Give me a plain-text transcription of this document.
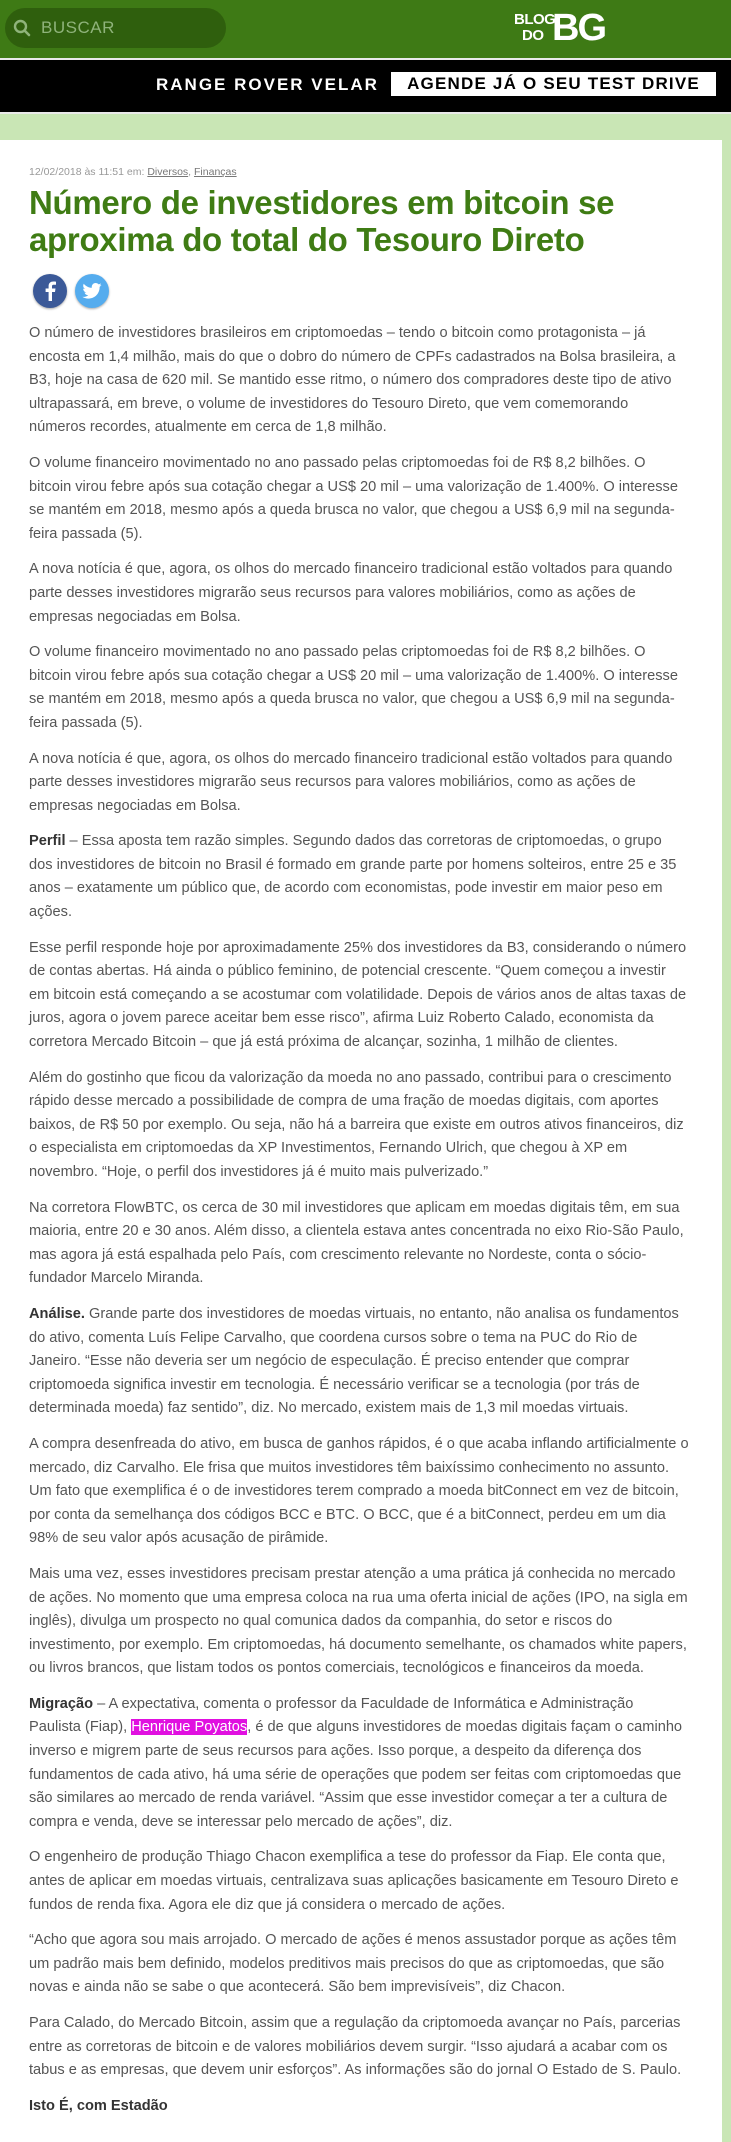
BUSCAR
BLOG
DO BG
RANGE ROVER VELAR	AGENDE JÁ O SEU TEST DRIVE
12/02/2018 às 11:51 em: Diversos, Finanças
Número de investidores em bitcoin se aproxima do total do Tesouro Direto

O número de investidores brasileiros em criptomoedas – tendo o bitcoin como protagonista – já encosta em 1,4 milhão, mais do que o dobro do número de CPFs cadastrados na Bolsa brasileira, a B3, hoje na casa de 620 mil. Se mantido esse ritmo, o número dos compradores deste tipo de ativo ultrapassará, em breve, o volume de investidores do Tesouro Direto, que vem comemorando números recordes, atualmente em cerca de 1,8 milhão.

O volume financeiro movimentado no ano passado pelas criptomoedas foi de R$ 8,2 bilhões. O bitcoin virou febre após sua cotação chegar a US$ 20 mil – uma valorização de 1.400%. O interesse se mantém em 2018, mesmo após a queda brusca no valor, que chegou a US$ 6,9 mil na segunda-feira passada (5).

A nova notícia é que, agora, os olhos do mercado financeiro tradicional estão voltados para quando parte desses investidores migrarão seus recursos para valores mobiliários, como as ações de empresas negociadas em Bolsa.

O volume financeiro movimentado no ano passado pelas criptomoedas foi de R$ 8,2 bilhões. O bitcoin virou febre após sua cotação chegar a US$ 20 mil – uma valorização de 1.400%. O interesse se mantém em 2018, mesmo após a queda brusca no valor, que chegou a US$ 6,9 mil na segunda-feira passada (5).

A nova notícia é que, agora, os olhos do mercado financeiro tradicional estão voltados para quando parte desses investidores migrarão seus recursos para valores mobiliários, como as ações de empresas negociadas em Bolsa.

Perfil – Essa aposta tem razão simples. Segundo dados das corretoras de criptomoedas, o grupo dos investidores de bitcoin no Brasil é formado em grande parte por homens solteiros, entre 25 e 35 anos – exatamente um público que, de acordo com economistas, pode investir em maior peso em ações.

Esse perfil responde hoje por aproximadamente 25% dos investidores da B3, considerando o número de contas abertas. Há ainda o público feminino, de potencial crescente. “Quem começou a investir em bitcoin está começando a se acostumar com volatilidade. Depois de vários anos de altas taxas de juros, agora o jovem parece aceitar bem esse risco”, afirma Luiz Roberto Calado, economista da corretora Mercado Bitcoin – que já está próxima de alcançar, sozinha, 1 milhão de clientes.

Além do gostinho que ficou da valorização da moeda no ano passado, contribui para o crescimento rápido desse mercado a possibilidade de compra de uma fração de moedas digitais, com aportes baixos, de R$ 50 por exemplo. Ou seja, não há a barreira que existe em outros ativos financeiros, diz o especialista em criptomoedas da XP Investimentos, Fernando Ulrich, que chegou à XP em novembro. “Hoje, o perfil dos investidores já é muito mais pulverizado.”

Na corretora FlowBTC, os cerca de 30 mil investidores que aplicam em moedas digitais têm, em sua maioria, entre 20 e 30 anos. Além disso, a clientela estava antes concentrada no eixo Rio-São Paulo, mas agora já está espalhada pelo País, com crescimento relevante no Nordeste, conta o sócio-fundador Marcelo Miranda.

Análise. Grande parte dos investidores de moedas virtuais, no entanto, não analisa os fundamentos do ativo, comenta Luís Felipe Carvalho, que coordena cursos sobre o tema na PUC do Rio de Janeiro. “Esse não deveria ser um negócio de especulação. É preciso entender que comprar criptomoeda significa investir em tecnologia. É necessário verificar se a tecnologia (por trás de determinada moeda) faz sentido”, diz. No mercado, existem mais de 1,3 mil moedas virtuais.

A compra desenfreada do ativo, em busca de ganhos rápidos, é o que acaba inflando artificialmente o mercado, diz Carvalho. Ele frisa que muitos investidores têm baixíssimo conhecimento no assunto. Um fato que exemplifica é o de investidores terem comprado a moeda bitConnect em vez de bitcoin, por conta da semelhança dos códigos BCC e BTC. O BCC, que é a bitConnect, perdeu em um dia 98% de seu valor após acusação de pirâmide.

Mais uma vez, esses investidores precisam prestar atenção a uma prática já conhecida no mercado de ações. No momento que uma empresa coloca na rua uma oferta inicial de ações (IPO, na sigla em inglês), divulga um prospecto no qual comunica dados da companhia, do setor e riscos do investimento, por exemplo. Em criptomoedas, há documento semelhante, os chamados white papers, ou livros brancos, que listam todos os pontos comerciais, tecnológicos e financeiros da moeda.

Migração – A expectativa, comenta o professor da Faculdade de Informática e Administração Paulista (Fiap), Henrique Poyatos, é de que alguns investidores de moedas digitais façam o caminho inverso e migrem parte de seus recursos para ações. Isso porque, a despeito da diferença dos fundamentos de cada ativo, há uma série de operações que podem ser feitas com criptomoedas que são similares ao mercado de renda variável. “Assim que esse investidor começar a ter a cultura de compra e venda, deve se interessar pelo mercado de ações”, diz.

O engenheiro de produção Thiago Chacon exemplifica a tese do professor da Fiap. Ele conta que, antes de aplicar em moedas virtuais, centralizava suas aplicações basicamente em Tesouro Direto e fundos de renda fixa. Agora ele diz que já considera o mercado de ações.

“Acho que agora sou mais arrojado. O mercado de ações é menos assustador porque as ações têm um padrão mais bem definido, modelos preditivos mais precisos do que as criptomoedas, que são novas e ainda não se sabe o que acontecerá. São bem imprevisíveis”, diz Chacon.

Para Calado, do Mercado Bitcoin, assim que a regulação da criptomoeda avançar no País, parcerias entre as corretoras de bitcoin e de valores mobiliários devem surgir. “Isso ajudará a acabar com os tabus e as empresas, que devem unir esforços”. As informações são do jornal O Estado de S. Paulo.

Isto É, com Estadão
